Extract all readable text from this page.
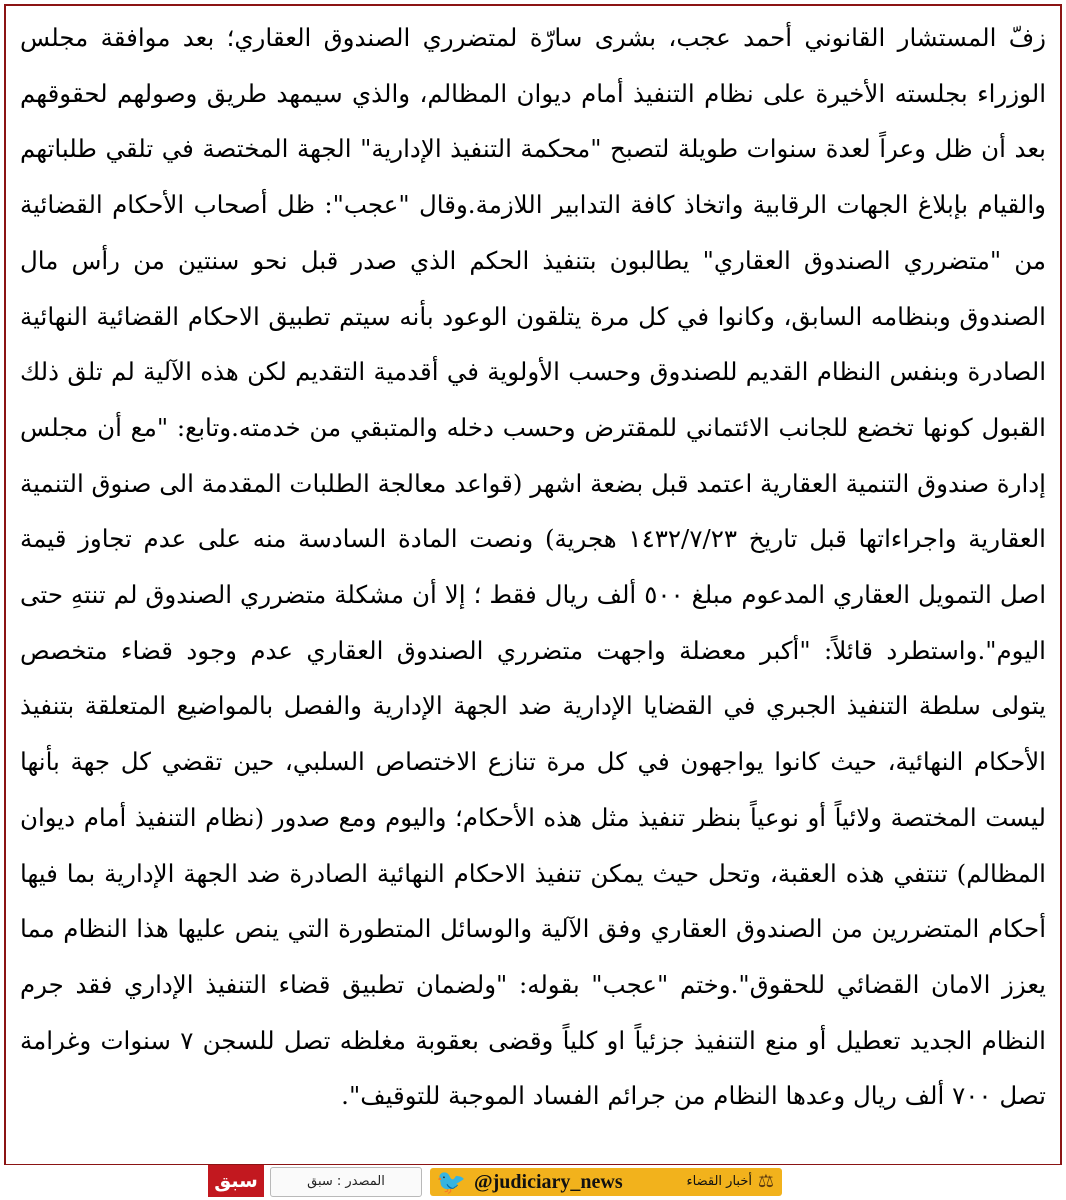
زفّ المستشار القانوني أحمد عجب، بشرى سارّة لمتضرري الصندوق العقاري؛ بعد موافقة مجلس الوزراء بجلسته الأخيرة على نظام التنفيذ أمام ديوان المظالم، والذي سيمهد طريق وصولهم لحقوقهم بعد أن ظل وعراً لعدة سنوات طويلة لتصبح "محكمة التنفيذ الإدارية" الجهة المختصة في تلقي طلباتهم والقيام بإبلاغ الجهات الرقابية واتخاذ كافة التدابير اللازمة.وقال "عجب": ظل أصحاب الأحكام القضائية من "متضرري الصندوق العقاري" يطالبون بتنفيذ الحكم الذي صدر قبل نحو سنتين من رأس مال الصندوق وبنظامه السابق، وكانوا في كل مرة يتلقون الوعود بأنه سيتم تطبيق الاحكام القضائية النهائية الصادرة وبنفس النظام القديم للصندوق وحسب الأولوية في أقدمية التقديم لكن هذه الآلية لم تلق ذلك القبول كونها تخضع للجانب الائتماني للمقترض وحسب دخله والمتبقي من خدمته.وتابع: "مع أن مجلس إدارة صندوق التنمية العقارية اعتمد قبل بضعة اشهر (قواعد معالجة الطلبات المقدمة الى صنوق التنمية العقارية واجراءاتها قبل تاريخ ١٤٣٢/٧/٢٣ هجرية) ونصت المادة السادسة منه على عدم تجاوز قيمة اصل التمويل العقاري المدعوم مبلغ ٥٠٠ ألف ريال فقط ؛ إلا أن مشكلة متضرري الصندوق لم تنتهِ حتى اليوم".واستطرد قائلاً: "أكبر معضلة واجهت متضرري الصندوق العقاري عدم وجود قضاء متخصص يتولى سلطة التنفيذ الجبري في القضايا الإدارية ضد الجهة الإدارية والفصل بالمواضيع المتعلقة بتنفيذ الأحكام النهائية، حيث كانوا يواجهون في كل مرة تنازع الاختصاص السلبي، حين تقضي كل جهة بأنها ليست المختصة ولائياً أو نوعياً بنظر تنفيذ مثل هذه الأحكام؛ واليوم ومع صدور (نظام التنفيذ أمام ديوان المظالم) تنتفي هذه العقبة، وتحل حيث يمكن تنفيذ الاحكام النهائية الصادرة ضد الجهة الإدارية بما فيها أحكام المتضررين من الصندوق العقاري وفق الآلية والوسائل المتطورة التي ينص عليها هذا النظام مما يعزز الامان القضائي للحقوق".وختم "عجب" بقوله: "ولضمان تطبيق قضاء التنفيذ الإداري فقد جرم النظام الجديد تعطيل أو منع التنفيذ جزئياً او كلياً وقضى بعقوبة مغلظه تصل للسجن ٧ سنوات وغرامة تصل ٧٠٠ ألف ريال وعدها النظام من جرائم الفساد الموجبة للتوقيف".

سبق	المصدر : سبق	🐦 @judiciary_news	أخبار القضاء ⚖
